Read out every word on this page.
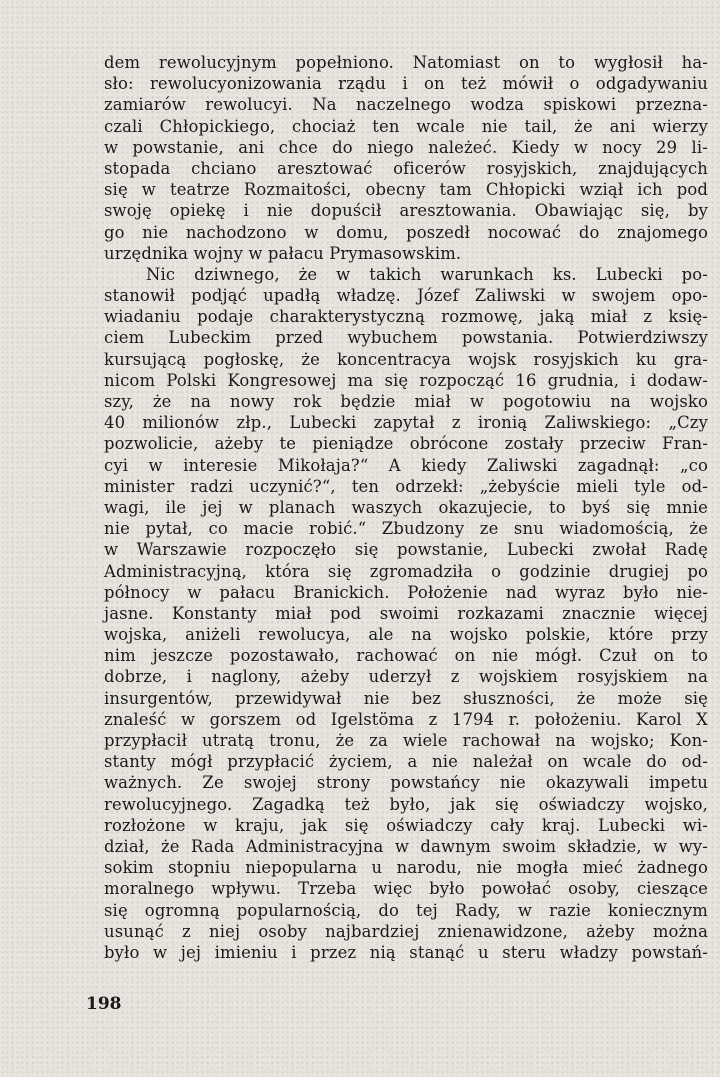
dem rewolucyjnym popełniono. Natomiast on to wygłosił ha-
sło: rewolucyonizowania rządu i on też mówił o odgadywaniu
zamiarów rewolucyi. Na naczelnego wodza spiskowi przezna-
czali Chłopickiego, chociaż ten wcale nie tail, że ani wierzy
w powstanie, ani chce do niego należeć. Kiedy w nocy 29 li-
stopada chciano aresztować oficerów rosyjskich, znajdujących
się w teatrze Rozmaitości, obecny tam Chłopicki wziął ich pod
swoję opiekę i nie dopuścił aresztowania. Obawiając się, by
go nie nachodzono w domu, poszedł nocować do znajomego
urzędnika wojny w pałacu Prymasowskim.
Nic dziwnego, że w takich warunkach ks. Lubecki po-
stanowił podjąć upadłą władzę. Józef Zaliwski w swojem opo-
wiadaniu podaje charakterystyczną rozmowę, jaką miał z księ-
ciem Lubeckim przed wybuchem powstania. Potwierdziwszy
kursującą pogłoskę, że koncentracya wojsk rosyjskich ku gra-
nicom Polski Kongresowej ma się rozpocząć 16 grudnia, i dodaw-
szy, że na nowy rok będzie miał w pogotowiu na wojsko
40 milionów złp., Lubecki zapytał z ironią Zaliwskiego: „Czy
pozwolicie, ażeby te pieniądze obrócone zostały przeciw Fran-
cyi w interesie Mikołaja?“ A kiedy Zaliwski zagadnął: „co
minister radzi uczynić?“, ten odrzekł: „żebyście mieli tyle od-
wagi, ile jej w planach waszych okazujecie, to byś się mnie
nie pytał, co macie robić.“ Zbudzony ze snu wiadomością, że
w Warszawie rozpoczęło się powstanie, Lubecki zwołał Radę
Administracyjną, która się zgromadziła o godzinie drugiej po
północy w pałacu Branickich. Położenie nad wyraz było nie-
jasne. Konstanty miał pod swoimi rozkazami znacznie więcej
wojska, aniżeli rewolucya, ale na wojsko polskie, które przy
nim jeszcze pozostawało, rachować on nie mógł. Czuł on to
dobrze, i naglony, ażeby uderzył z wojskiem rosyjskiem na
insurgentów, przewidywał nie bez słuszności, że może się
znaleść w gorszem od Igelstöma z 1794 r. położeniu. Karol X
przypłacił utratą tronu, że za wiele rachował na wojsko; Kon-
stanty mógł przypłacić życiem, a nie należał on wcale do od-
ważnych. Ze swojej strony powstańcy nie okazywali impetu
rewolucyjnego. Zagadką też było, jak się oświadczy wojsko,
rozłożone w kraju, jak się oświadczy cały kraj. Lubecki wi-
dział, że Rada Administracyjna w dawnym swoim składzie, w wy-
sokim stopniu niepopularna u narodu, nie mogła mieć żadnego
moralnego wpływu. Trzeba więc było powołać osoby, cieszące
się ogromną popularnością, do tej Rady, w razie koniecznym
usunąć z niej osoby najbardziej znienawidzone, ażeby można
było w jej imieniu i przez nią stanąć u steru władzy powstań-
198
